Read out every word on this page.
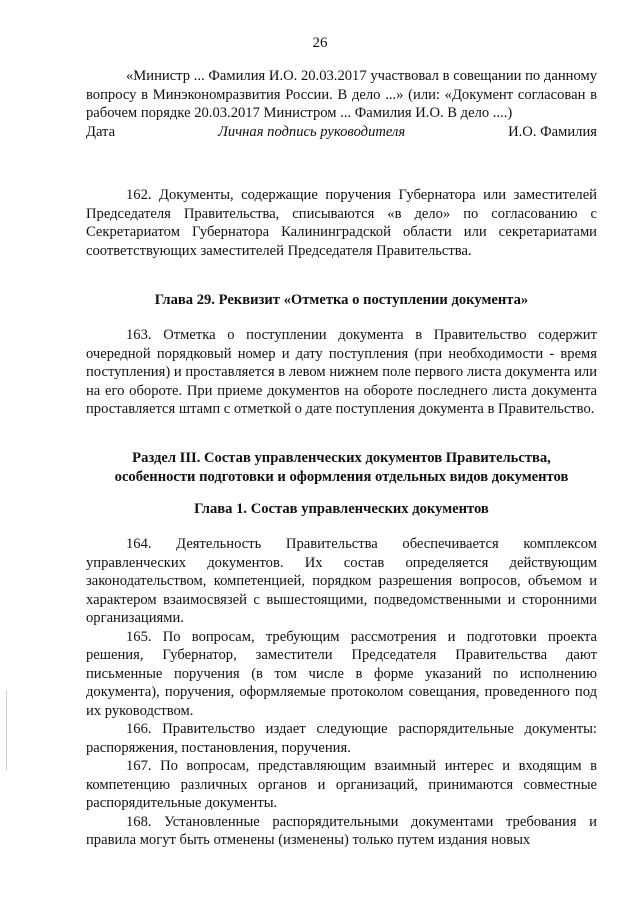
26

«Министр ... Фамилия И.О. 20.03.2017 участвовал в совещании по данному вопросу в Минэкономразвития России. В дело ...» (или: «Документ согласован в рабочем порядке 20.03.2017 Министром ... Фамилия И.О. В дело ....)

Дата	Личная подпись руководителя	И.О. Фамилия

162. Документы, содержащие поручения Губернатора или заместителей Председателя Правительства, списываются «в дело» по согласованию с Секретариатом Губернатора Калининградской области или секретариатами соответствующих заместителей Председателя Правительства.

Глава 29. Реквизит «Отметка о поступлении документа»

163. Отметка о поступлении документа в Правительство содержит очередной порядковый номер и дату поступления (при необходимости - время поступления) и проставляется в левом нижнем поле первого листа документа или на его обороте. При приеме документов на обороте последнего листа документа проставляется штамп с отметкой о дате поступления документа в Правительство.

Раздел III. Состав управленческих документов Правительства,

особенности подготовки и оформления отдельных видов документов

Глава 1. Состав управленческих документов

164. Деятельность Правительства обеспечивается комплексом управленческих документов. Их состав определяется действующим законодательством, компетенцией, порядком разрешения вопросов, объемом и характером взаимосвязей с вышестоящими, подведомственными и сторонними организациями.

165. По вопросам, требующим рассмотрения и подготовки проекта решения, Губернатор, заместители Председателя Правительства дают письменные поручения (в том числе в форме указаний по исполнению документа), поручения, оформляемые протоколом совещания, проведенного под их руководством.

166. Правительство издает следующие распорядительные документы: распоряжения, постановления, поручения.

167. По вопросам, представляющим взаимный интерес и входящим в компетенцию различных органов и организаций, принимаются совместные распорядительные документы.

168. Установленные распорядительными документами требования и правила могут быть отменены (изменены) только путем издания новых
